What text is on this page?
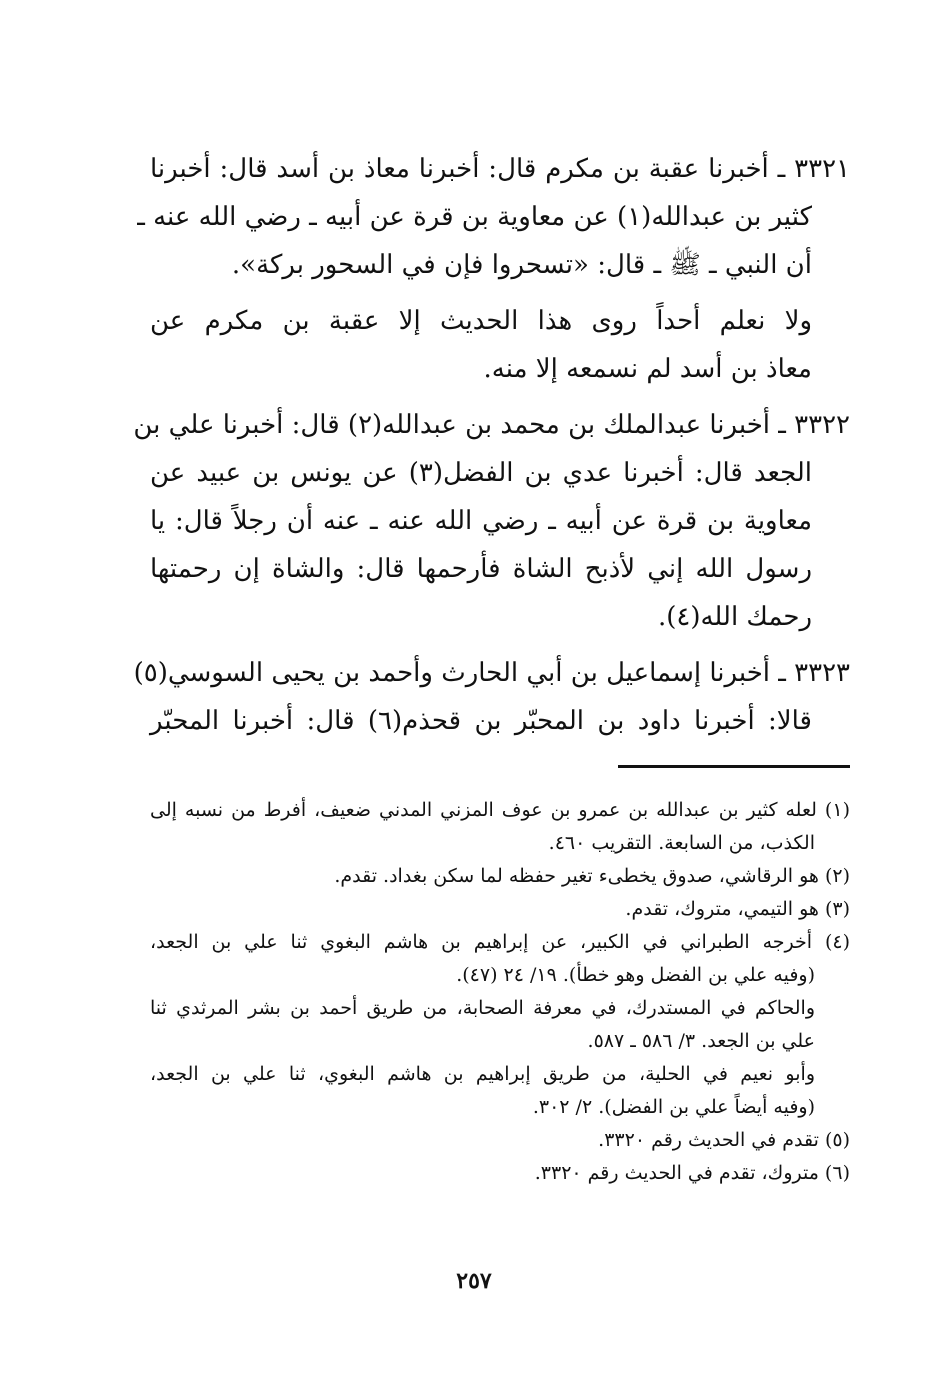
٣٣٢١ ـ أخبرنا عقبة بن مكرم قال: أخبرنا معاذ بن أسد قال: أخبرنا
كثير بن عبدالله(١) عن معاوية بن قرة عن أبيه ـ رضي الله عنه ـ
أن النبي ـ ﷺ ـ قال: «تسحروا فإن في السحور بركة».
ولا نعلم أحداً روى هذا الحديث إلا عقبة بن مكرم عن
معاذ بن أسد لم نسمعه إلا منه.
٣٣٢٢ ـ أخبرنا عبدالملك بن محمد بن عبدالله(٢) قال: أخبرنا علي بن
الجعد قال: أخبرنا عدي بن الفضل(٣) عن يونس بن عبيد عن
معاوية بن قرة عن أبيه ـ رضي الله عنه ـ عنه أن رجلاً قال: يا
رسول الله إني لأذبح الشاة فأرحمها قال: والشاة إن رحمتها
رحمك الله(٤).
٣٣٢٣ ـ أخبرنا إسماعيل بن أبي الحارث وأحمد بن يحيى السوسي(٥)
قالا: أخبرنا داود بن المحبّر بن قحذم(٦) قال: أخبرنا المحبّر
(١) لعله كثير بن عبدالله بن عمرو بن عوف المزني المدني ضعيف، أفرط من نسبه إلى
الكذب، من السابعة. التقريب ٤٦٠.
(٢) هو الرقاشي، صدوق يخطىء تغير حفظه لما سكن بغداد. تقدم.
(٣) هو التيمي، متروك، تقدم.
(٤) أخرجه الطبراني في الكبير، عن إبراهيم بن هاشم البغوي ثنا علي بن الجعد،
(وفيه علي بن الفضل وهو خطأ). ١٩/ ٢٤ (٤٧).
والحاكم في المستدرك، في معرفة الصحابة، من طريق أحمد بن بشر المرثدي ثنا
علي بن الجعد. ٣/ ٥٨٦ ـ ٥٨٧.
وأبو نعيم في الحلية، من طريق إبراهيم بن هاشم البغوي، ثنا علي بن الجعد،
(وفيه أيضاً علي بن الفضل). ٢/ ٣٠٢.
(٥) تقدم في الحديث رقم ٣٣٢٠.
(٦) متروك، تقدم في الحديث رقم ٣٣٢٠.
٢٥٧
